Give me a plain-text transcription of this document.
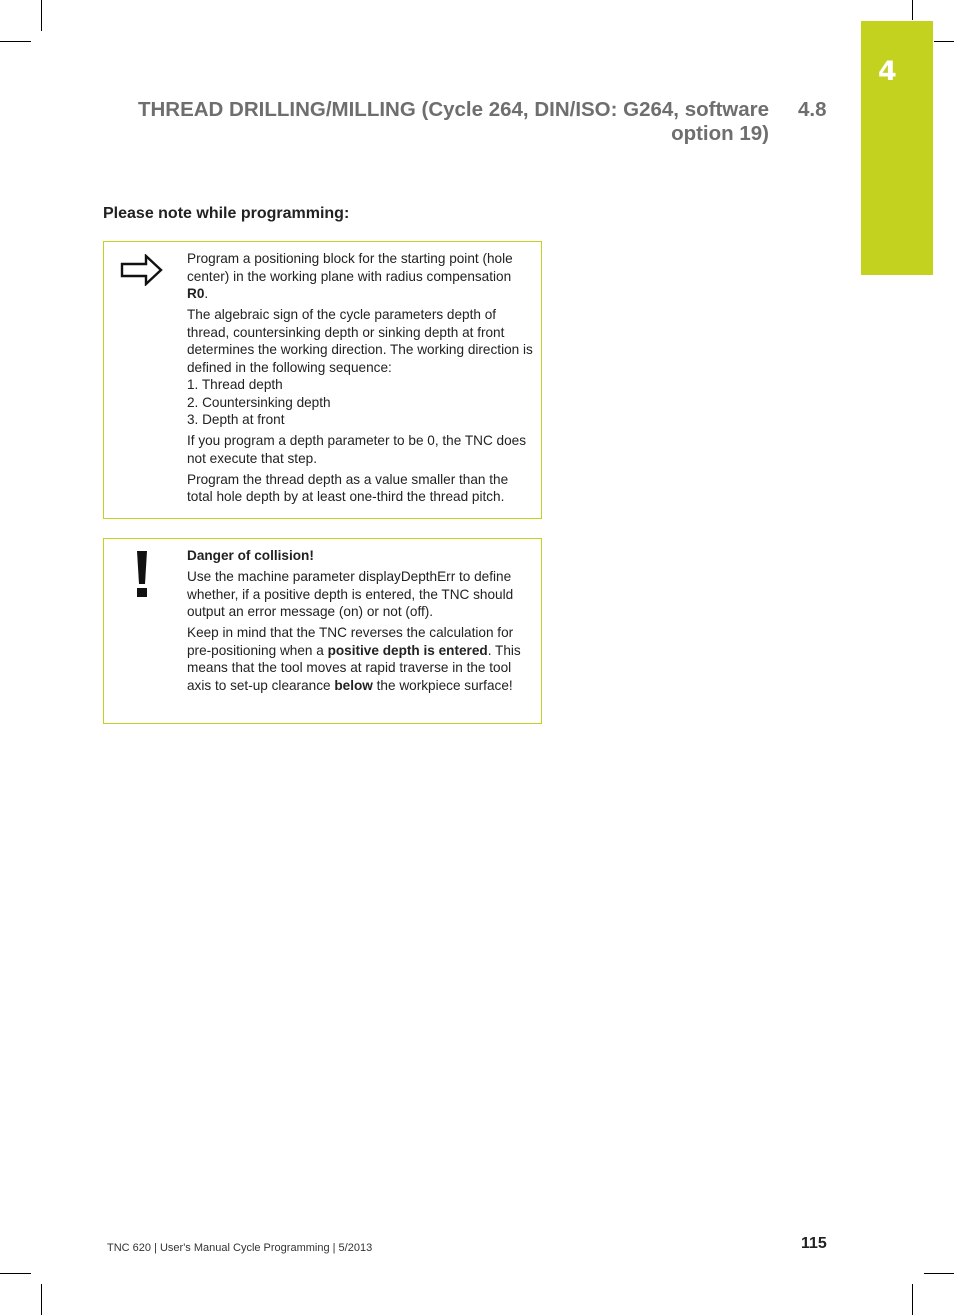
4
THREAD DRILLING/MILLING (Cycle 264, DIN/ISO: G264, software
option 19)
4.8
Please note while programming:

Program a positioning block for the starting point (hole center) in the working plane with radius compensation R0.

The algebraic sign of the cycle parameters depth of thread, countersinking depth or sinking depth at front determines the working direction. The working direction is defined in the following sequence:
1. Thread depth
2. Countersinking depth
3. Depth at front

If you program a depth parameter to be 0, the TNC does not execute that step.

Program the thread depth as a value smaller than the total hole depth by at least one-third the thread pitch.

Danger of collision!

Use the machine parameter displayDepthErr to define whether, if a positive depth is entered, the TNC should output an error message (on) or not (off).

Keep in mind that the TNC reverses the calculation for pre-positioning when a positive depth is entered. This means that the tool moves at rapid traverse in the tool axis to set-up clearance below the workpiece surface!

TNC 620 | User's Manual Cycle Programming | 5/2013	115
